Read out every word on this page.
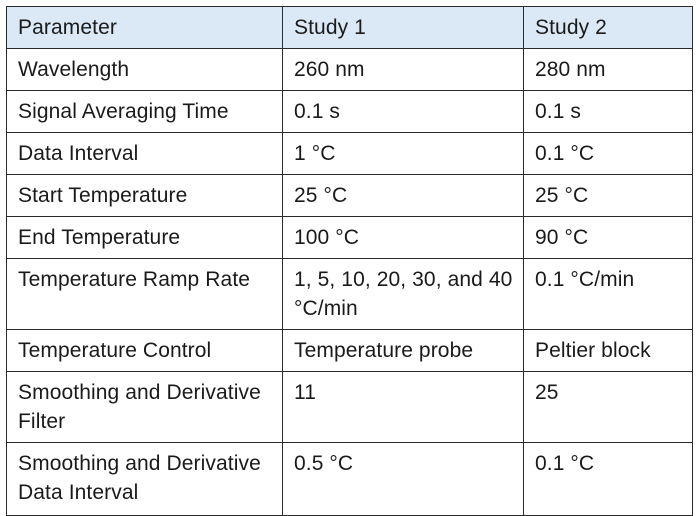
Parameter	Study 1	Study 2
Wavelength	260 nm	280 nm
Signal Averaging Time	0.1 s	0.1 s
Data Interval	1 °C	0.1 °C
Start Temperature	25 °C	25 °C
End Temperature	100 °C	90 °C
Temperature Ramp Rate	1, 5, 10, 20, 30, and 40 °C/min	0.1 °C/min
Temperature Control	Temperature probe	Peltier block
Smoothing and Derivative Filter	11	25
Smoothing and Derivative Data Interval	0.5 °C	0.1 °C
